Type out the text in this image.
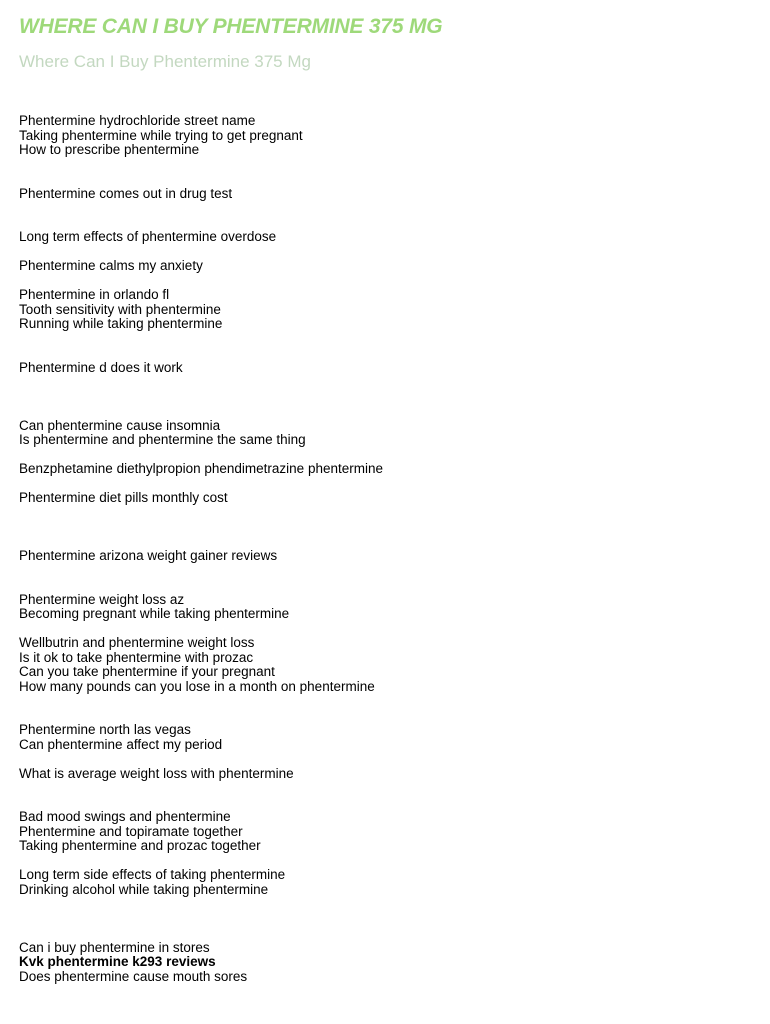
WHERE CAN I BUY PHENTERMINE 375 MG
Where Can I Buy Phentermine 375 Mg
Phentermine hydrochloride street name
Taking phentermine while trying to get pregnant
How to prescribe phentermine
Phentermine comes out in drug test
Long term effects of phentermine overdose
Phentermine calms my anxiety
Phentermine in orlando fl
Tooth sensitivity with phentermine
Running while taking phentermine
Phentermine d does it work
Can phentermine cause insomnia
Is phentermine and phentermine the same thing
Benzphetamine diethylpropion phendimetrazine phentermine
Phentermine diet pills monthly cost
Phentermine arizona weight gainer reviews
Phentermine weight loss az
Becoming pregnant while taking phentermine
Wellbutrin and phentermine weight loss
Is it ok to take phentermine with prozac
Can you take phentermine if your pregnant
How many pounds can you lose in a month on phentermine
Phentermine north las vegas
Can phentermine affect my period
What is average weight loss with phentermine
Bad mood swings and phentermine
Phentermine and topiramate together
Taking phentermine and prozac together
Long term side effects of taking phentermine
Drinking alcohol while taking phentermine
Can i buy phentermine in stores
Kvk phentermine k293 reviews
Does phentermine cause mouth sores
